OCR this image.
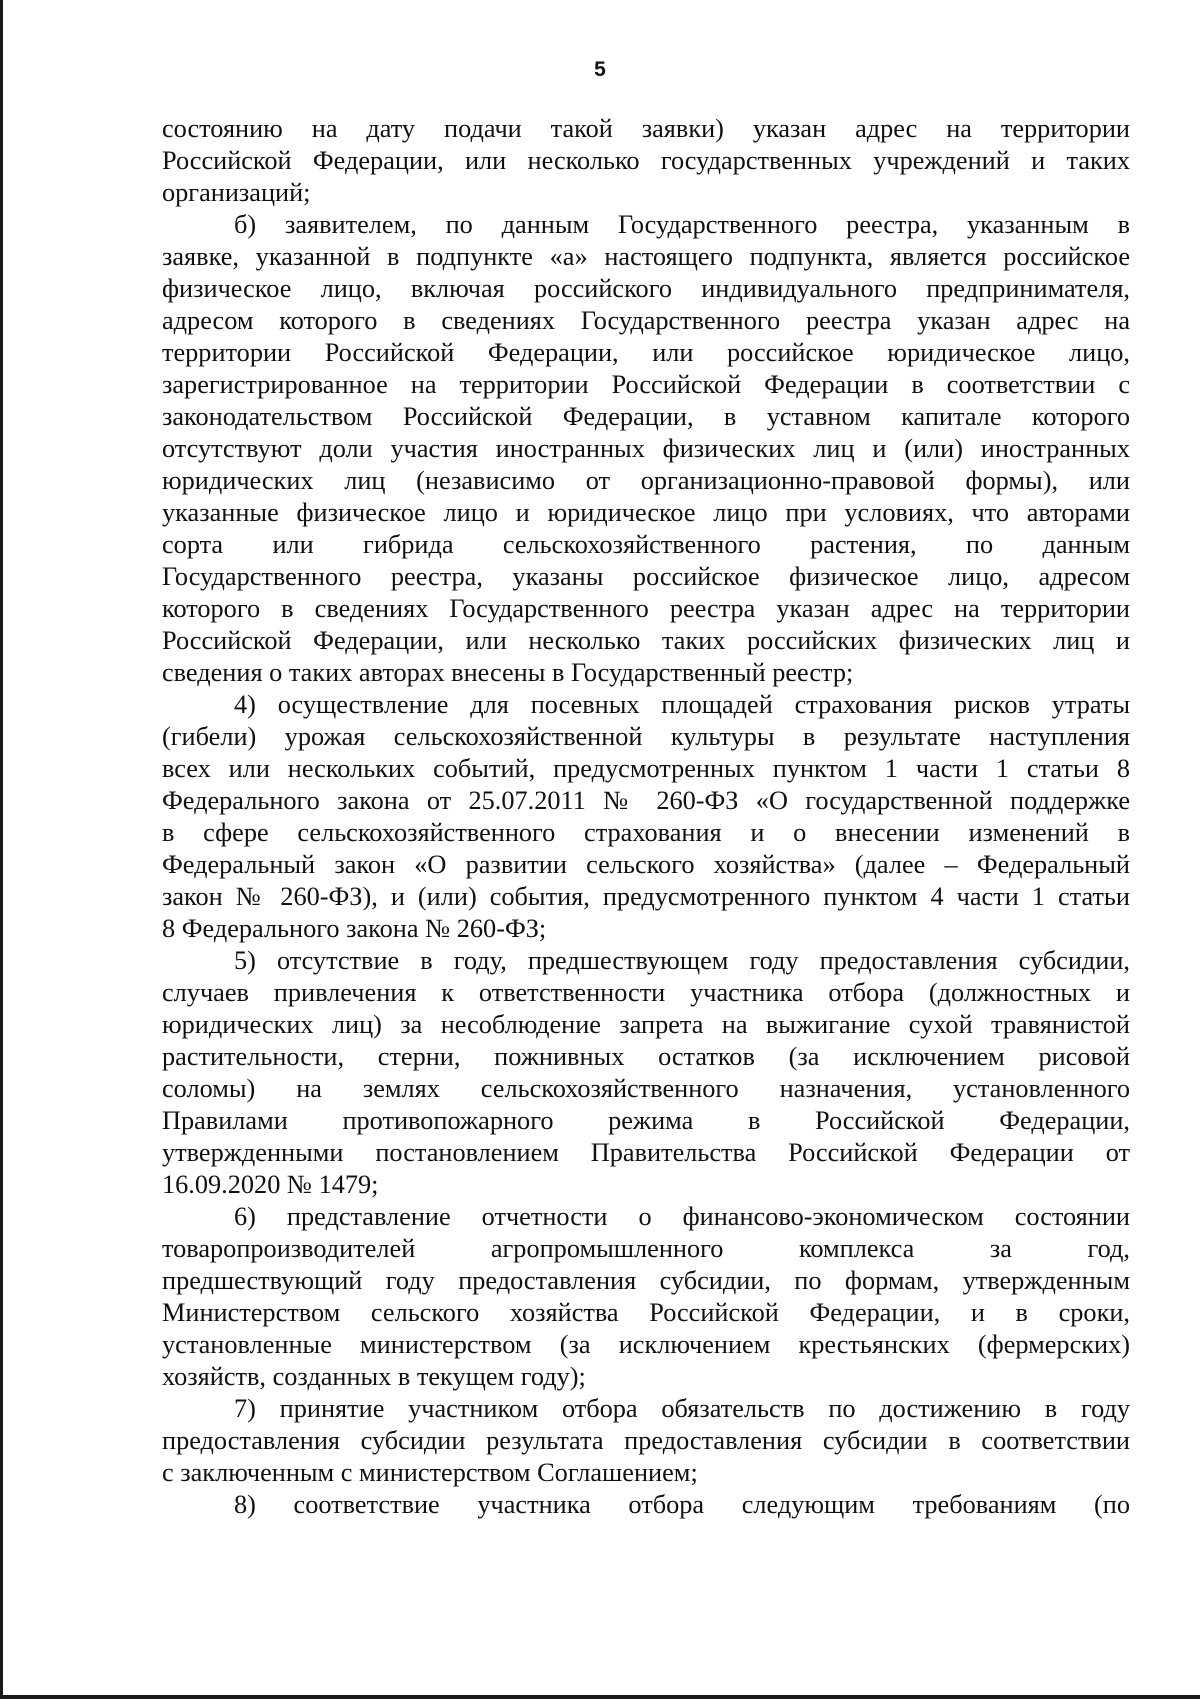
5
состоянию на дату подачи такой заявки) указан адрес на территории
Российской Федерации, или несколько государственных учреждений и таких
организаций;
б) заявителем, по данным Государственного реестра, указанным в
заявке, указанной в подпункте «а» настоящего подпункта, является российское
физическое лицо, включая российского индивидуального предпринимателя,
адресом которого в сведениях Государственного реестра указан адрес на
территории Российской Федерации, или российское юридическое лицо,
зарегистрированное на территории Российской Федерации в соответствии с
законодательством Российской Федерации, в уставном капитале которого
отсутствуют доли участия иностранных физических лиц и (или) иностранных
юридических лиц (независимо от организационно-правовой формы), или
указанные физическое лицо и юридическое лицо при условиях, что авторами
сорта или гибрида сельскохозяйственного растения, по данным
Государственного реестра, указаны российское физическое лицо, адресом
которого в сведениях Государственного реестра указан адрес на территории
Российской Федерации, или несколько таких российских физических лиц и
сведения о таких авторах внесены в Государственный реестр;
4) осуществление для посевных площадей страхования рисков утраты
(гибели) урожая сельскохозяйственной культуры в результате наступления
всех или нескольких событий, предусмотренных пунктом 1 части 1 статьи 8
Федерального закона от 25.07.2011 № 260-ФЗ «О государственной поддержке
в сфере сельскохозяйственного страхования и о внесении изменений в
Федеральный закон «О развитии сельского хозяйства» (далее – Федеральный
закон № 260-ФЗ), и (или) события, предусмотренного пунктом 4 части 1 статьи
8 Федерального закона № 260-ФЗ;
5) отсутствие в году, предшествующем году предоставления субсидии,
случаев привлечения к ответственности участника отбора (должностных и
юридических лиц) за несоблюдение запрета на выжигание сухой травянистой
растительности, стерни, пожнивных остатков (за исключением рисовой
соломы) на землях сельскохозяйственного назначения, установленного
Правилами противопожарного режима в Российской Федерации,
утвержденными постановлением Правительства Российской Федерации от
16.09.2020 № 1479;
6) представление отчетности о финансово-экономическом состоянии
товаропроизводителей агропромышленного комплекса за год,
предшествующий году предоставления субсидии, по формам, утвержденным
Министерством сельского хозяйства Российской Федерации, и в сроки,
установленные министерством (за исключением крестьянских (фермерских)
хозяйств, созданных в текущем году);
7) принятие участником отбора обязательств по достижению в году
предоставления субсидии результата предоставления субсидии в соответствии
с заключенным с министерством Соглашением;
8) соответствие участника отбора следующим требованиям (по
